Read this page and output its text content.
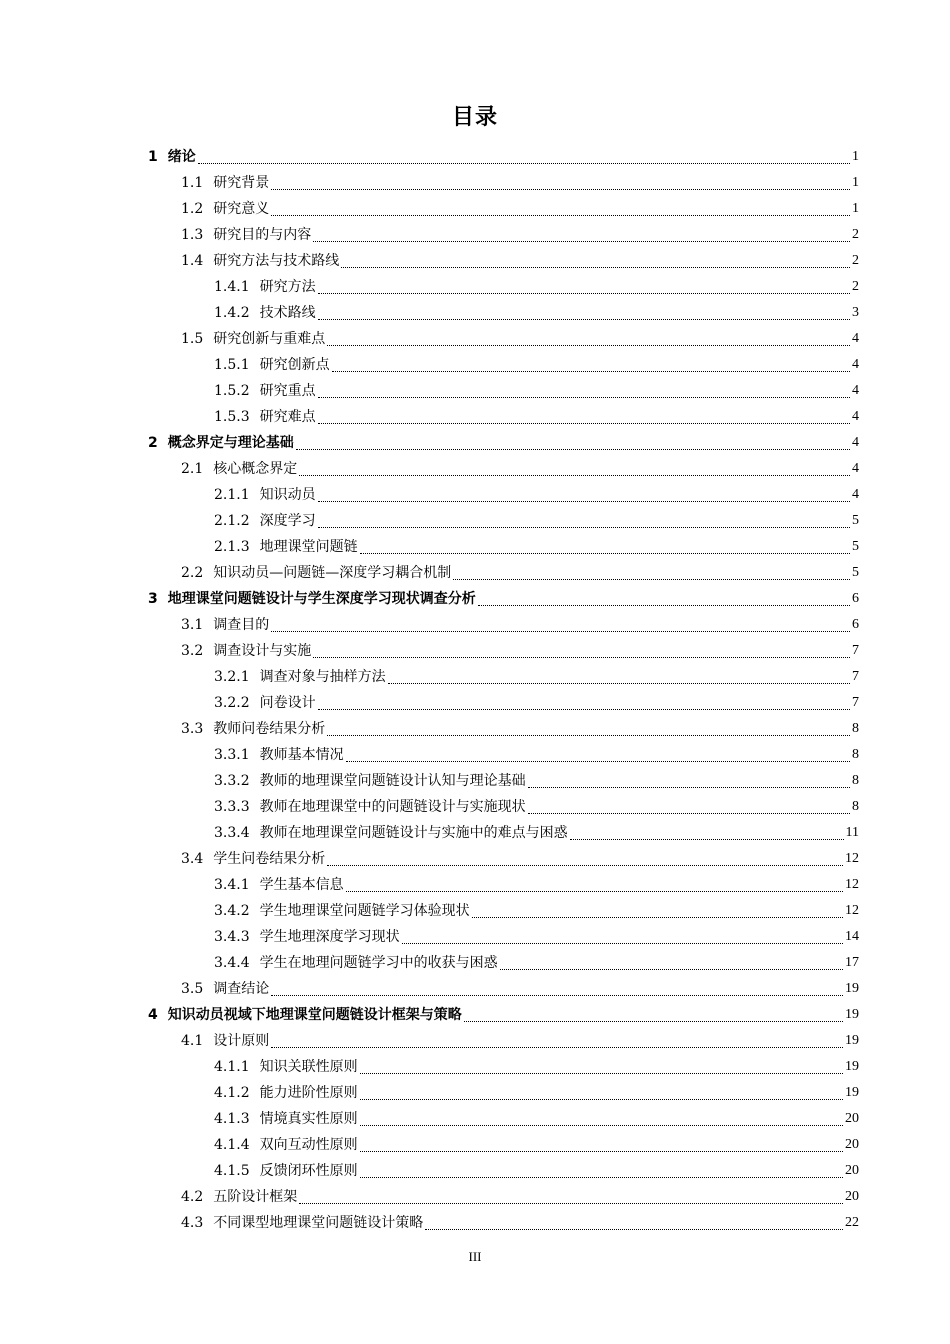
目录
1 绪论	1
1.1 研究背景	1
1.2 研究意义	1
1.3 研究目的与内容	2
1.4 研究方法与技术路线	2
1.4.1 研究方法	2
1.4.2 技术路线	3
1.5 研究创新与重难点	4
1.5.1 研究创新点	4
1.5.2 研究重点	4
1.5.3 研究难点	4
2 概念界定与理论基础	4
2.1 核心概念界定	4
2.1.1 知识动员	4
2.1.2 深度学习	5
2.1.3 地理课堂问题链	5
2.2 知识动员—问题链—深度学习耦合机制	5
3 地理课堂问题链设计与学生深度学习现状调查分析	6
3.1 调查目的	6
3.2 调查设计与实施	7
3.2.1 调查对象与抽样方法	7
3.2.2 问卷设计	7
3.3 教师问卷结果分析	8
3.3.1 教师基本情况	8
3.3.2 教师的地理课堂问题链设计认知与理论基础	8
3.3.3 教师在地理课堂中的问题链设计与实施现状	8
3.3.4 教师在地理课堂问题链设计与实施中的难点与困惑	11
3.4 学生问卷结果分析	12
3.4.1 学生基本信息	12
3.4.2 学生地理课堂问题链学习体验现状	12
3.4.3 学生地理深度学习现状	14
3.4.4 学生在地理问题链学习中的收获与困惑	17
3.5 调查结论	19
4 知识动员视域下地理课堂问题链设计框架与策略	19
4.1 设计原则	19
4.1.1 知识关联性原则	19
4.1.2 能力进阶性原则	19
4.1.3 情境真实性原则	20
4.1.4 双向互动性原则	20
4.1.5 反馈闭环性原则	20
4.2 五阶设计框架	20
4.3 不同课型地理课堂问题链设计策略	22
III
